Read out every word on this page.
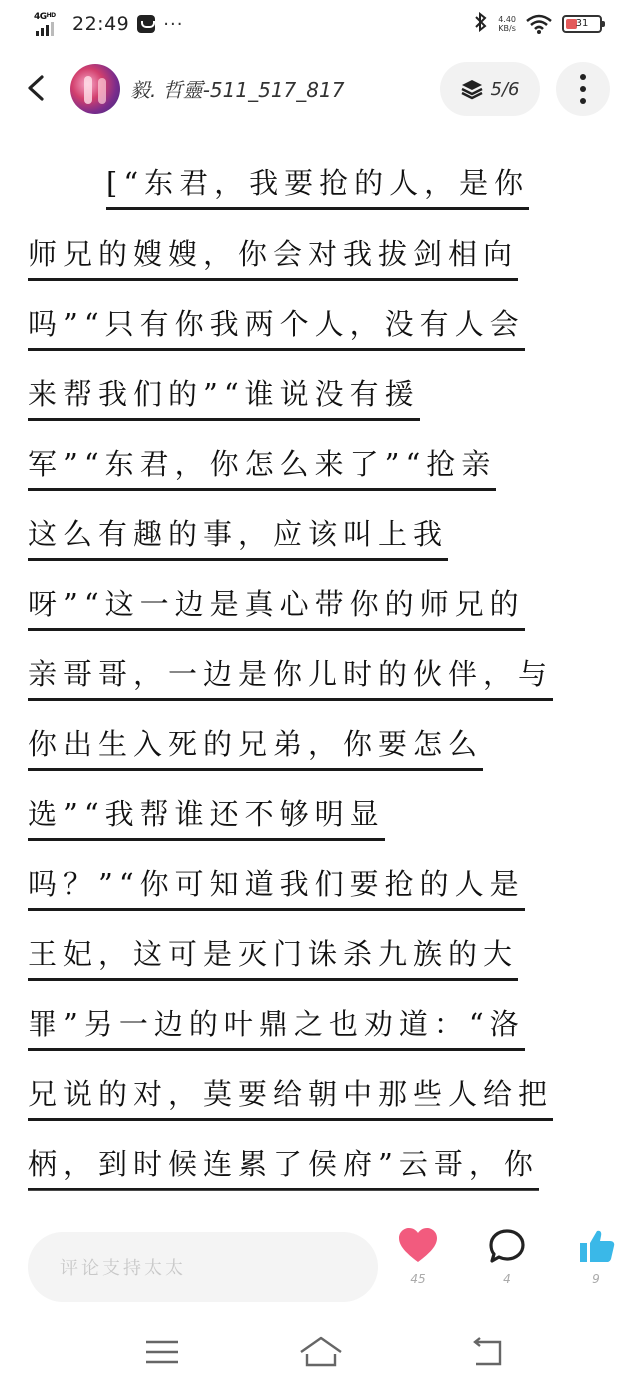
$4G^{HD}$ 22:49 ···	4.40
KB/s	31
毅. 哲靈-511_517_817	5/6
[“东君，我要抢的人，是你
师兄的嫂嫂，你会对我拔剑相向
吗”“只有你我两个人，没有人会
来帮我们的”“谁说没有援
军”“东君，你怎么来了”“抢亲
这么有趣的事，应该叫上我
呀”“这一边是真心带你的师兄的
亲哥哥，一边是你儿时的伙伴，与
你出生入死的兄弟，你要怎么
选”“我帮谁还不够明显
吗？”“你可知道我们要抢的人是
王妃，这可是灭门诛杀九族的大
罪”另一边的叶鼎之也劝道：“洛
兄说的对，莫要给朝中那些人给把
柄，到时候连累了侯府”云哥，你
评论支持太太	45	4	9
